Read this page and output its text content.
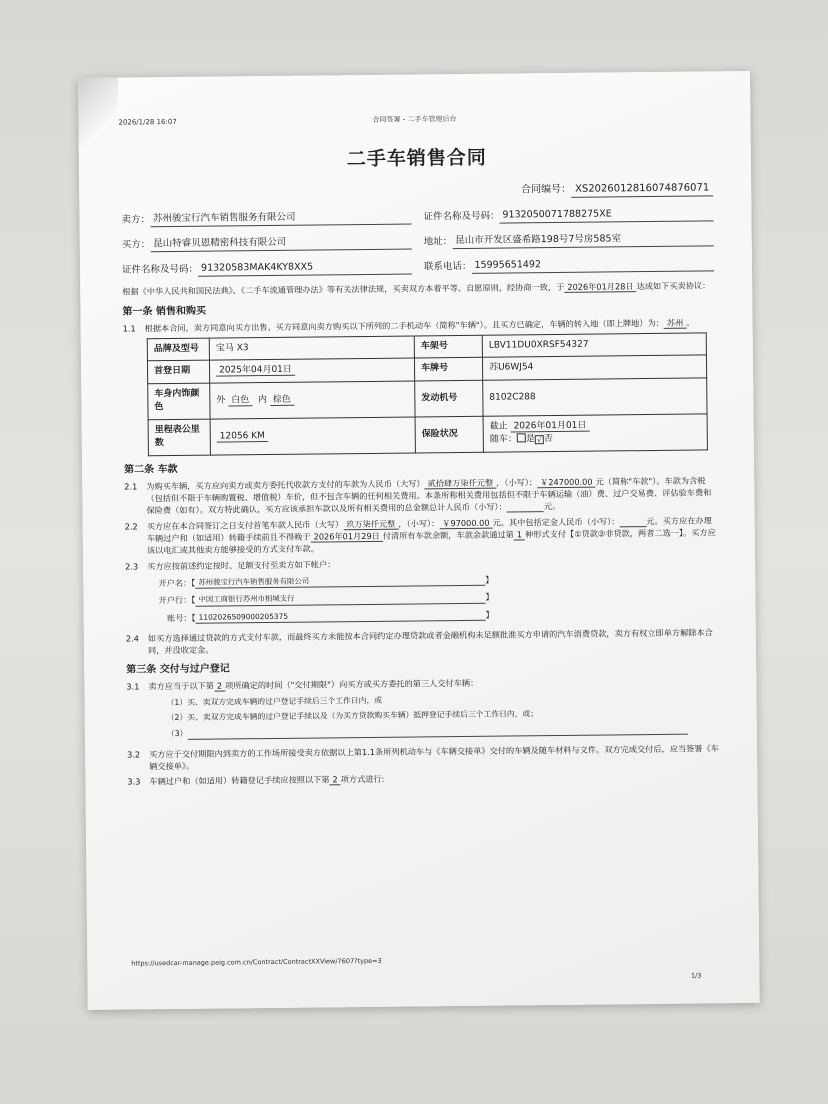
2026/1/28 16:07	合同签署 - 二手车管理后台
二手车销售合同
合同编号： XS2026012816074876071
卖方： 苏州骏宝行汽车销售服务有限公司	证件名称及号码： 9132050071788275XE
买方： 昆山特睿贝恩精密科技有限公司	地址： 昆山市开发区盛希路198号7号房585室
证件名称及号码： 91320583MAK4KY8XX5	联系电话： 15995651492
根据《中华人民共和国民法典》、《二手车流通管理办法》等有关法律法规，买卖双方本着平等、自愿原则，经协商一致，于 2026年01月28日 达成如下买卖协议：
第一条 销售和购买
1.1	根据本合同，卖方同意向买方出售、买方同意向卖方购买以下所列的二手机动车（简称"车辆"）。且买方已确定，车辆的转入地（即上牌地）为： 苏州 。
品牌及型号	宝马 X3	车架号	LBV11DU0XRSF54327
首登日期	2025年04月01日	车牌号	苏U6WJ54
车身内饰颜色	外 白色 内 棕色	发动机号	8102C288
里程表公里数	12056 KM	保险状况	截止 2026年01月01日
随车： 是 √ 否
第二条 车款
2.1	为购买车辆，买方应向卖方或卖方委托代收款方支付的车款为人民币（大写） 贰拾肆万柒仟元整 ，（小写）： ￥247000.00 元（简称"车款"）。车款为含税（包括但不限于车辆购置税、增值税）车价，但不包含车辆的任何相关费用。本条所称相关费用包括但不限于车辆运输（油）费、过户交易费、评估验车费和保险费（如有）。双方特此确认，买方应该承担车款以及所有相关费用的总金额总计人民币（小写）：	元。
2.2	买方应在本合同签订之日支付首笔车款人民币（大写） 玖万柒仟元整 ，（小写）： ￥97000.00 元。其中包括定金人民币（小写）：	元。买方应在办理车辆过户和（如适用）转籍手续前且不得晚于 2026年01月29日 付清所有车款余额，车款余款通过第 1 种形式支付【①贷款②非贷款，两者二选一】。买方应该以电汇或其他卖方能够接受的方式支付车款。
2.3	买方应按前述约定按时、足额支付至卖方如下帐户：
开户名：【 苏州骏宝行汽车销售服务有限公司	】
开户行：【 中国工商银行苏州市相城支行	】
账号：【 1102026509000205375	】
2.4	如买方选择通过贷款的方式支付车款，而最终买方未能按本合同约定办理贷款或者金融机构未足额批准买方申请的汽车消费贷款，卖方有权立即单方解除本合同，并没收定金。
第三条 交付与过户登记
3.1	卖方应当于以下第 2 项所确定的时间（"交付期限"）向买方或买方委托的第三人交付车辆：
（1）买、卖双方完成车辆的过户登记手续后三个工作日内，或
（2）买、卖双方完成车辆的过户登记手续以及（为买方贷款购买车辆）抵押登记手续后三个工作日内，或；
（3）
3.2	买方应于交付期限内到卖方的工作场所接受卖方依据以上第1.1条所列机动车与《车辆交接单》交付的车辆及随车材料与文件。双方完成交付后，应当签署《车辆交接单》。
3.3	车辆过户和（如适用）转籍登记手续应按照以下第 2 项方式进行:
https://usedcar-manage.paig.com.cn/Contract/ContractXXView/7607?type=3
1/3
